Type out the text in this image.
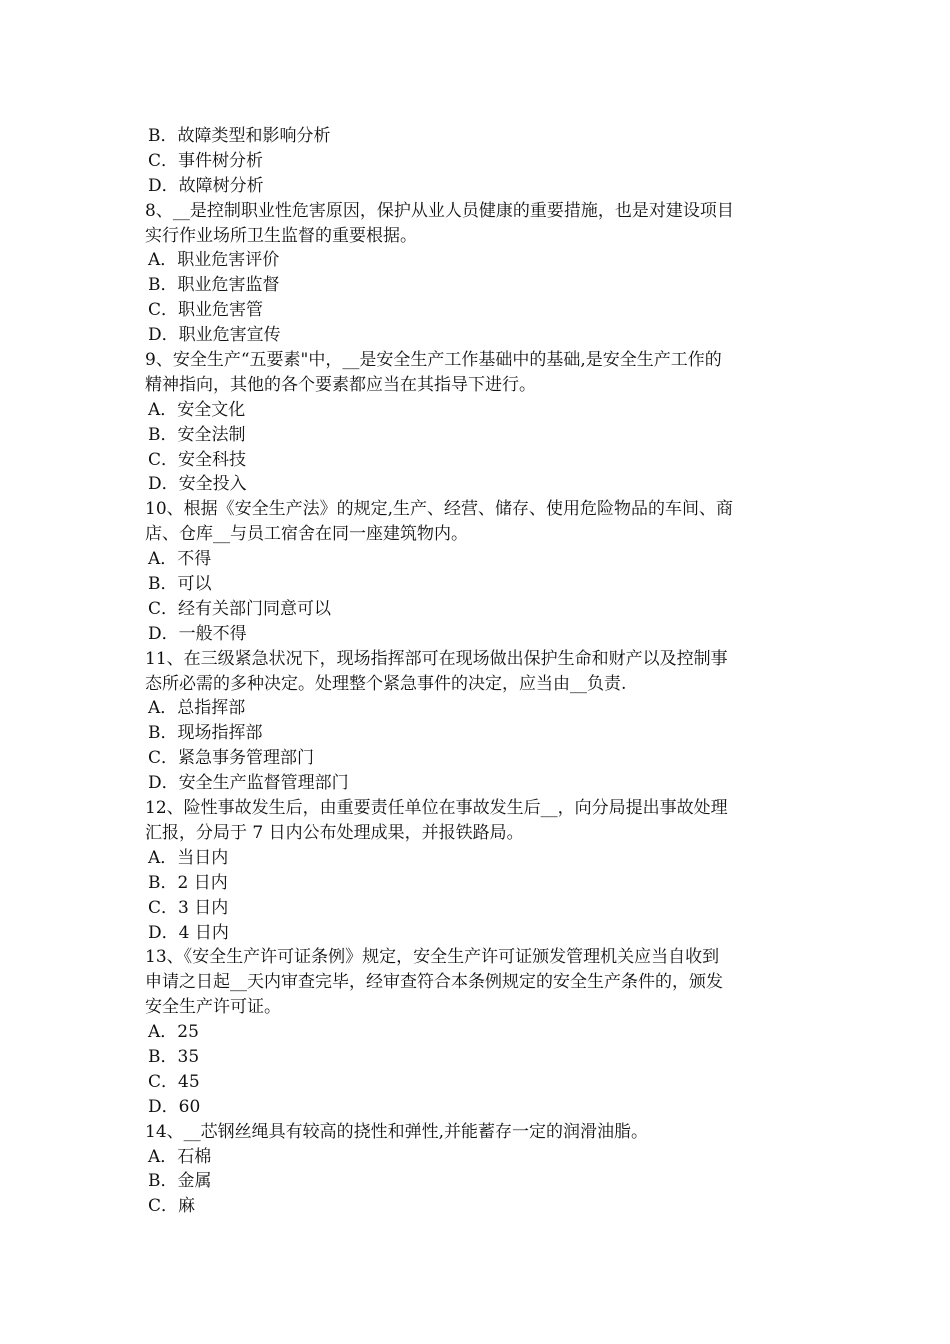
B．故障类型和影响分析
C．事件树分析
D．故障树分析
8、__是控制职业性危害原因，保护从业人员健康的重要措施，也是对建设项目
实行作业场所卫生监督的重要根据。
A．职业危害评价
B．职业危害监督
C．职业危害管
D．职业危害宣传
9、安全生产“五要素"中，__是安全生产工作基础中的基础,是安全生产工作的
精神指向，其他的各个要素都应当在其指导下进行。
A．安全文化
B．安全法制
C．安全科技
D．安全投入
10、根据《安全生产法》的规定,生产、经营、储存、使用危险物品的车间、商
店、仓库__与员工宿舍在同一座建筑物内。
A．不得
B．可以
C．经有关部门同意可以
D．一般不得
11、在三级紧急状况下，现场指挥部可在现场做出保护生命和财产以及控制事
态所必需的多种决定。处理整个紧急事件的决定，应当由__负责.
A．总指挥部
B．现场指挥部
C．紧急事务管理部门
D．安全生产监督管理部门
12、险性事故发生后，由重要责任单位在事故发生后__，向分局提出事故处理
汇报，分局于 7 日内公布处理成果，并报铁路局。
A．当日内
B．2 日内
C．3 日内
D．4 日内
13、《安全生产许可证条例》规定，安全生产许可证颁发管理机关应当自收到
申请之日起__天内审查完毕，经审查符合本条例规定的安全生产条件的，颁发
安全生产许可证。
A．25
B．35
C．45
D．60
14、__芯钢丝绳具有较高的挠性和弹性,并能蓄存一定的润滑油脂。
A．石棉
B．金属
C．麻
